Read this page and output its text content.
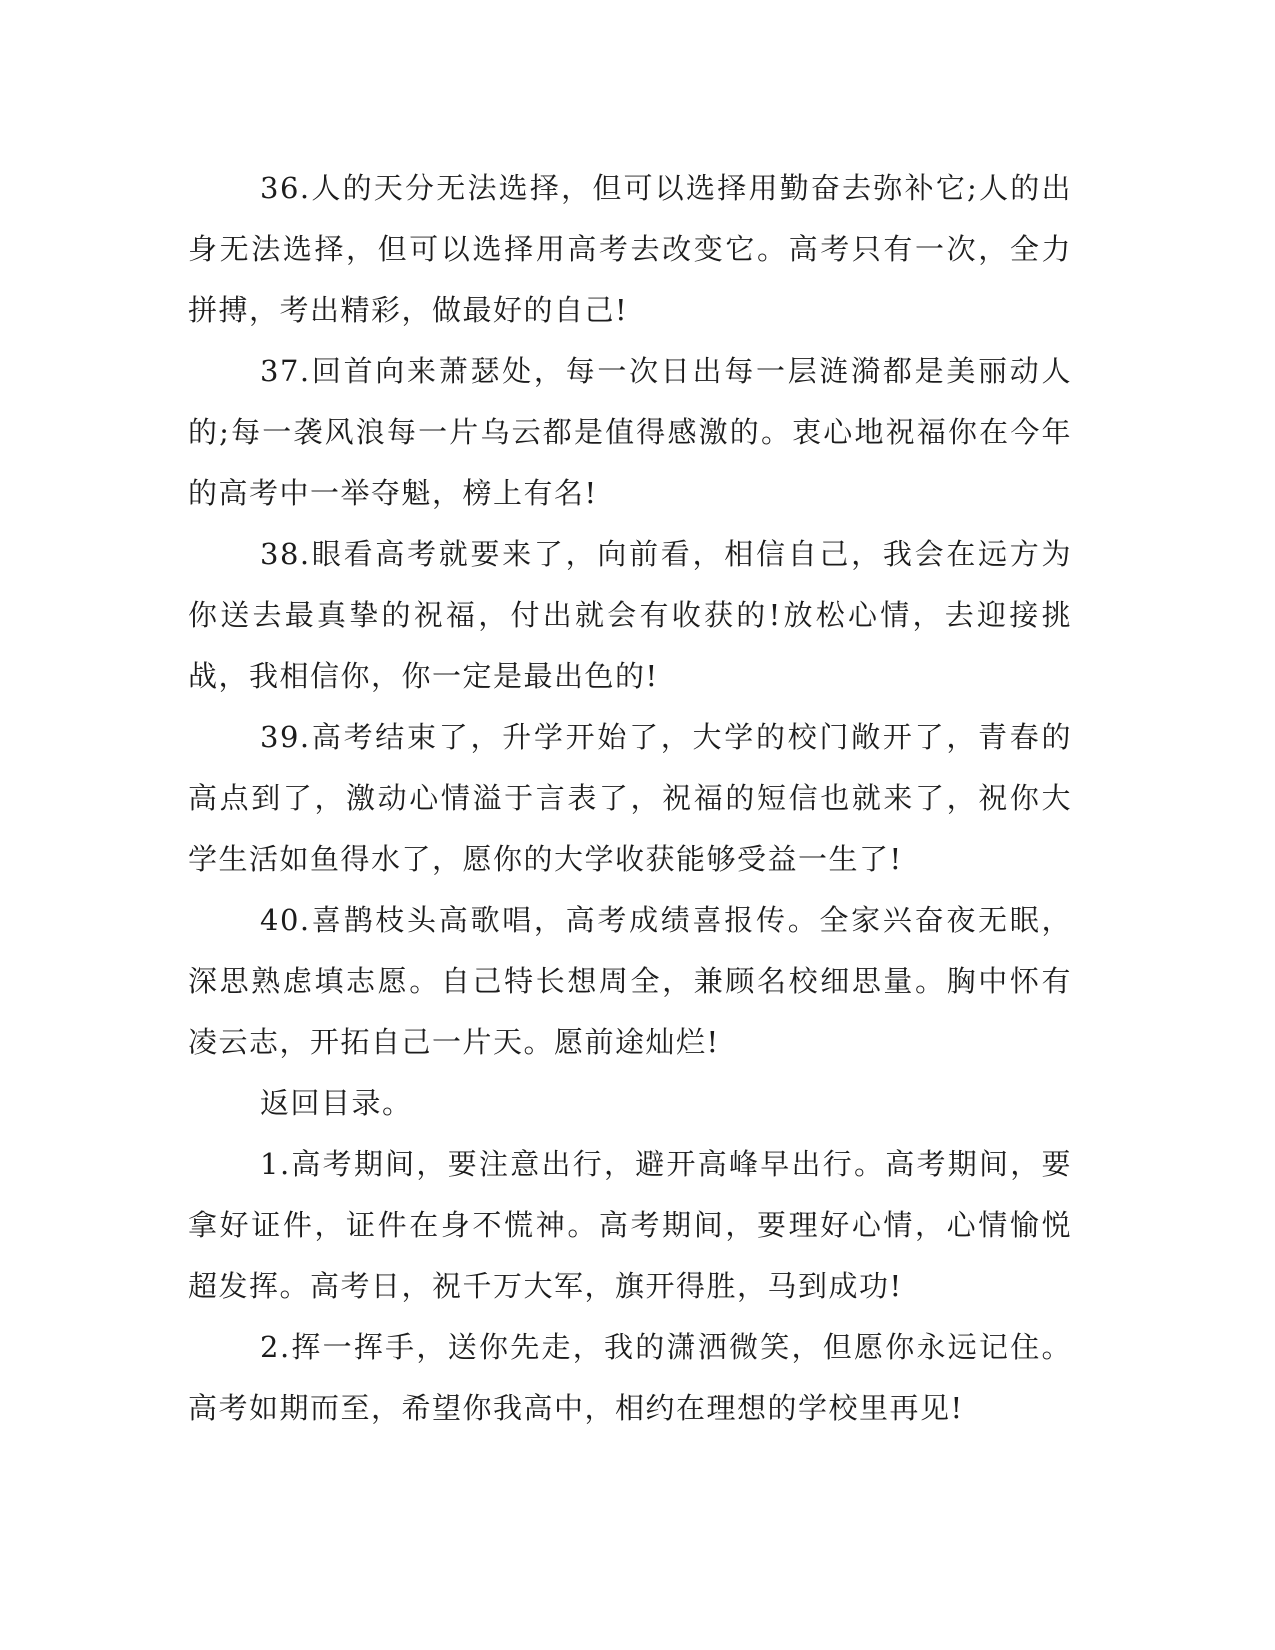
36.人的天分无法选择，但可以选择用勤奋去弥补它;人的出身无法选择，但可以选择用高考去改变它。高考只有一次，全力拼搏，考出精彩，做最好的自己!

37.回首向来萧瑟处，每一次日出每一层涟漪都是美丽动人的;每一袭风浪每一片乌云都是值得感激的。衷心地祝福你在今年的高考中一举夺魁，榜上有名!

38.眼看高考就要来了，向前看，相信自己，我会在远方为你送去最真挚的祝福，付出就会有收获的!放松心情，去迎接挑战，我相信你，你一定是最出色的!

39.高考结束了，升学开始了，大学的校门敞开了，青春的高点到了，激动心情溢于言表了，祝福的短信也就来了，祝你大学生活如鱼得水了，愿你的大学收获能够受益一生了!

40.喜鹊枝头高歌唱，高考成绩喜报传。全家兴奋夜无眠，深思熟虑填志愿。自己特长想周全，兼顾名校细思量。胸中怀有凌云志，开拓自己一片天。愿前途灿烂!

返回目录。

1.高考期间，要注意出行，避开高峰早出行。高考期间，要拿好证件，证件在身不慌神。高考期间，要理好心情，心情愉悦超发挥。高考日，祝千万大军，旗开得胜，马到成功!

2.挥一挥手，送你先走，我的潇洒微笑，但愿你永远记住。高考如期而至，希望你我高中，相约在理想的学校里再见!
